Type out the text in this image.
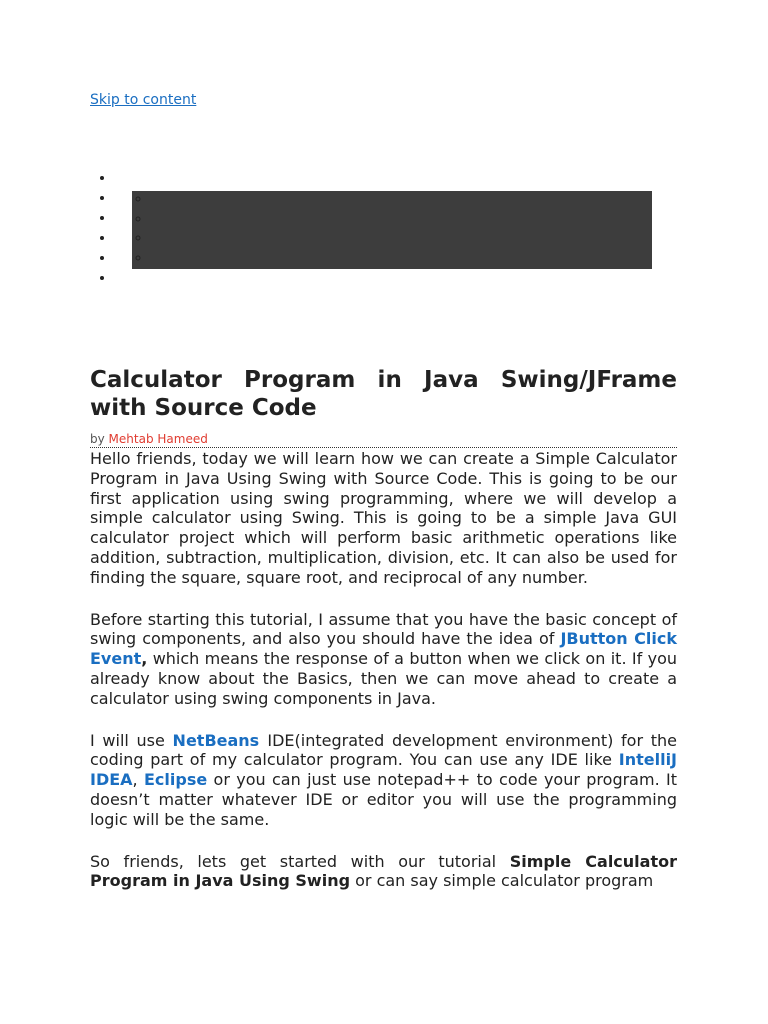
Skip to content
•
•
◦
◦
◦
◦
•
•
•
•
Calculator Program in Java Swing/JFrame with Source Code
by Mehtab Hameed

Hello friends, today we will learn how we can create a Simple Calculator Program in Java Using Swing with Source Code. This is going to be our first application using swing programming, where we will develop a simple calculator using Swing. This is going to be a simple Java GUI calculator project which will perform basic arithmetic operations like addition, subtraction, multiplication, division, etc. It can also be used for finding the square, square root, and reciprocal of any number.

Before starting this tutorial, I assume that you have the basic concept of swing components, and also you should have the idea of JButton Click Event, which means the response of a button when we click on it. If you already know about the Basics, then we can move ahead to create a calculator using swing components in Java.

I will use NetBeans IDE(integrated development environment) for the coding part of my calculator program. You can use any IDE like IntelliJ IDEA, Eclipse or you can just use notepad++ to code your program. It doesn’t matter whatever IDE or editor you will use the programming logic will be the same.

So friends, lets get started with our tutorial Simple Calculator Program in Java Using Swing or can say simple calculator program
